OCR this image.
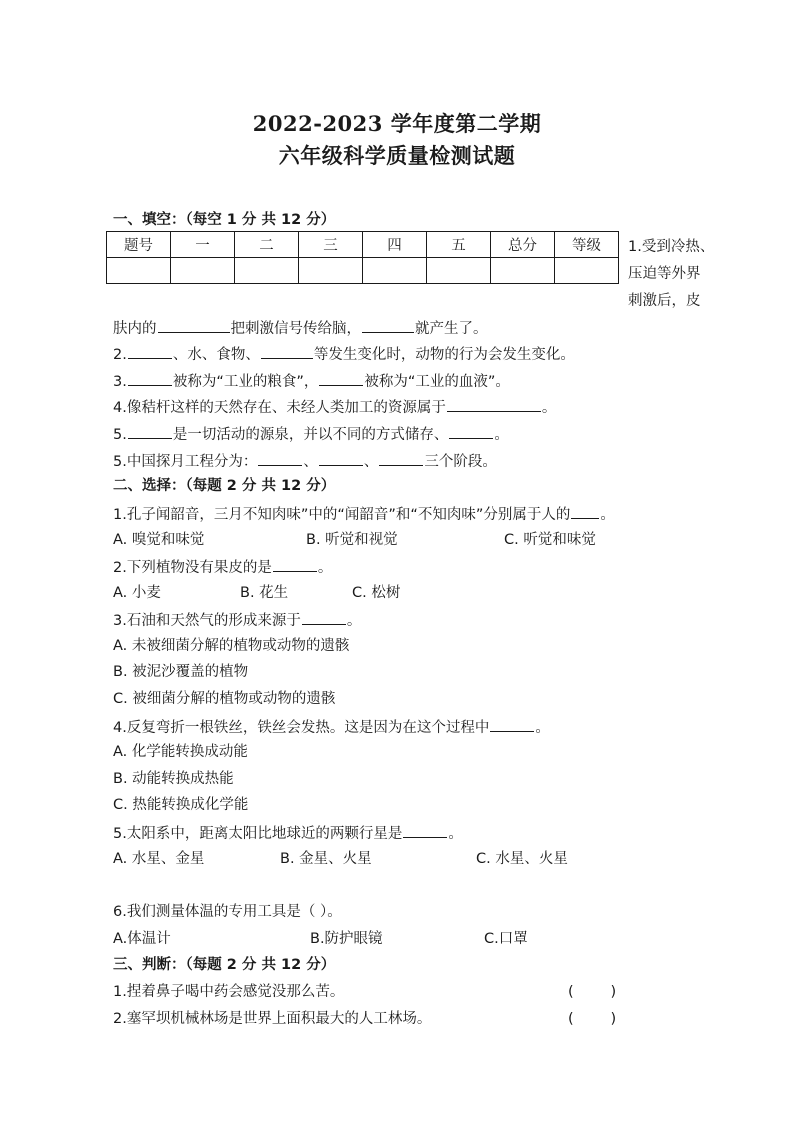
2022-2023 学年度第二学期
六年级科学质量检测试题
一、填空：（每空 1 分 共 12 分）
题号	一	二	三	四	五	总分	等级
							1.受到冷热、
压迫等外界
刺激后，皮
肤内的	把刺激信号传给脑，	就产生了。
2.	、水、食物、	等发生变化时，动物的行为会发生变化。
3.	被称为“工业的粮食”，	被称为“工业的血液”。
4.像秸杆这样的天然存在、未经人类加工的资源属于	。
5.	是一切活动的源泉，并以不同的方式储存、	。
5.中国探月工程分为：	、	、	三个阶段。
二、选择：（每题 2 分 共 12 分）
1.孔子闻韶音，三月不知肉味”中的“闻韶音”和“不知肉味”分别属于人的 。
A. 嗅觉和味觉	B. 听觉和视觉	C. 听觉和味觉
2.下列植物没有果皮的是	。
A. 小麦	B. 花生	C. 松树
3.石油和天然气的形成来源于	。
A. 未被细菌分解的植物或动物的遗骸
B. 被泥沙覆盖的植物
C. 被细菌分解的植物或动物的遗骸
4.反复弯折一根铁丝，铁丝会发热。这是因为在这个过程中	。
A. 化学能转换成动能
B. 动能转换成热能
C. 热能转换成化学能
5.太阳系中，距离太阳比地球近的两颗行星是	。
A. 水星、金星	B. 金星、火星	C. 水星、火星
6.我们测量体温的专用工具是（ ）。
A.体温计	B.防护眼镜	C.口罩
三、判断：（每题 2 分 共 12 分）
1.捏着鼻子喝中药会感觉没那么苦。	(        )
2.塞罕坝机械林场是世界上面积最大的人工林场。	(        )
